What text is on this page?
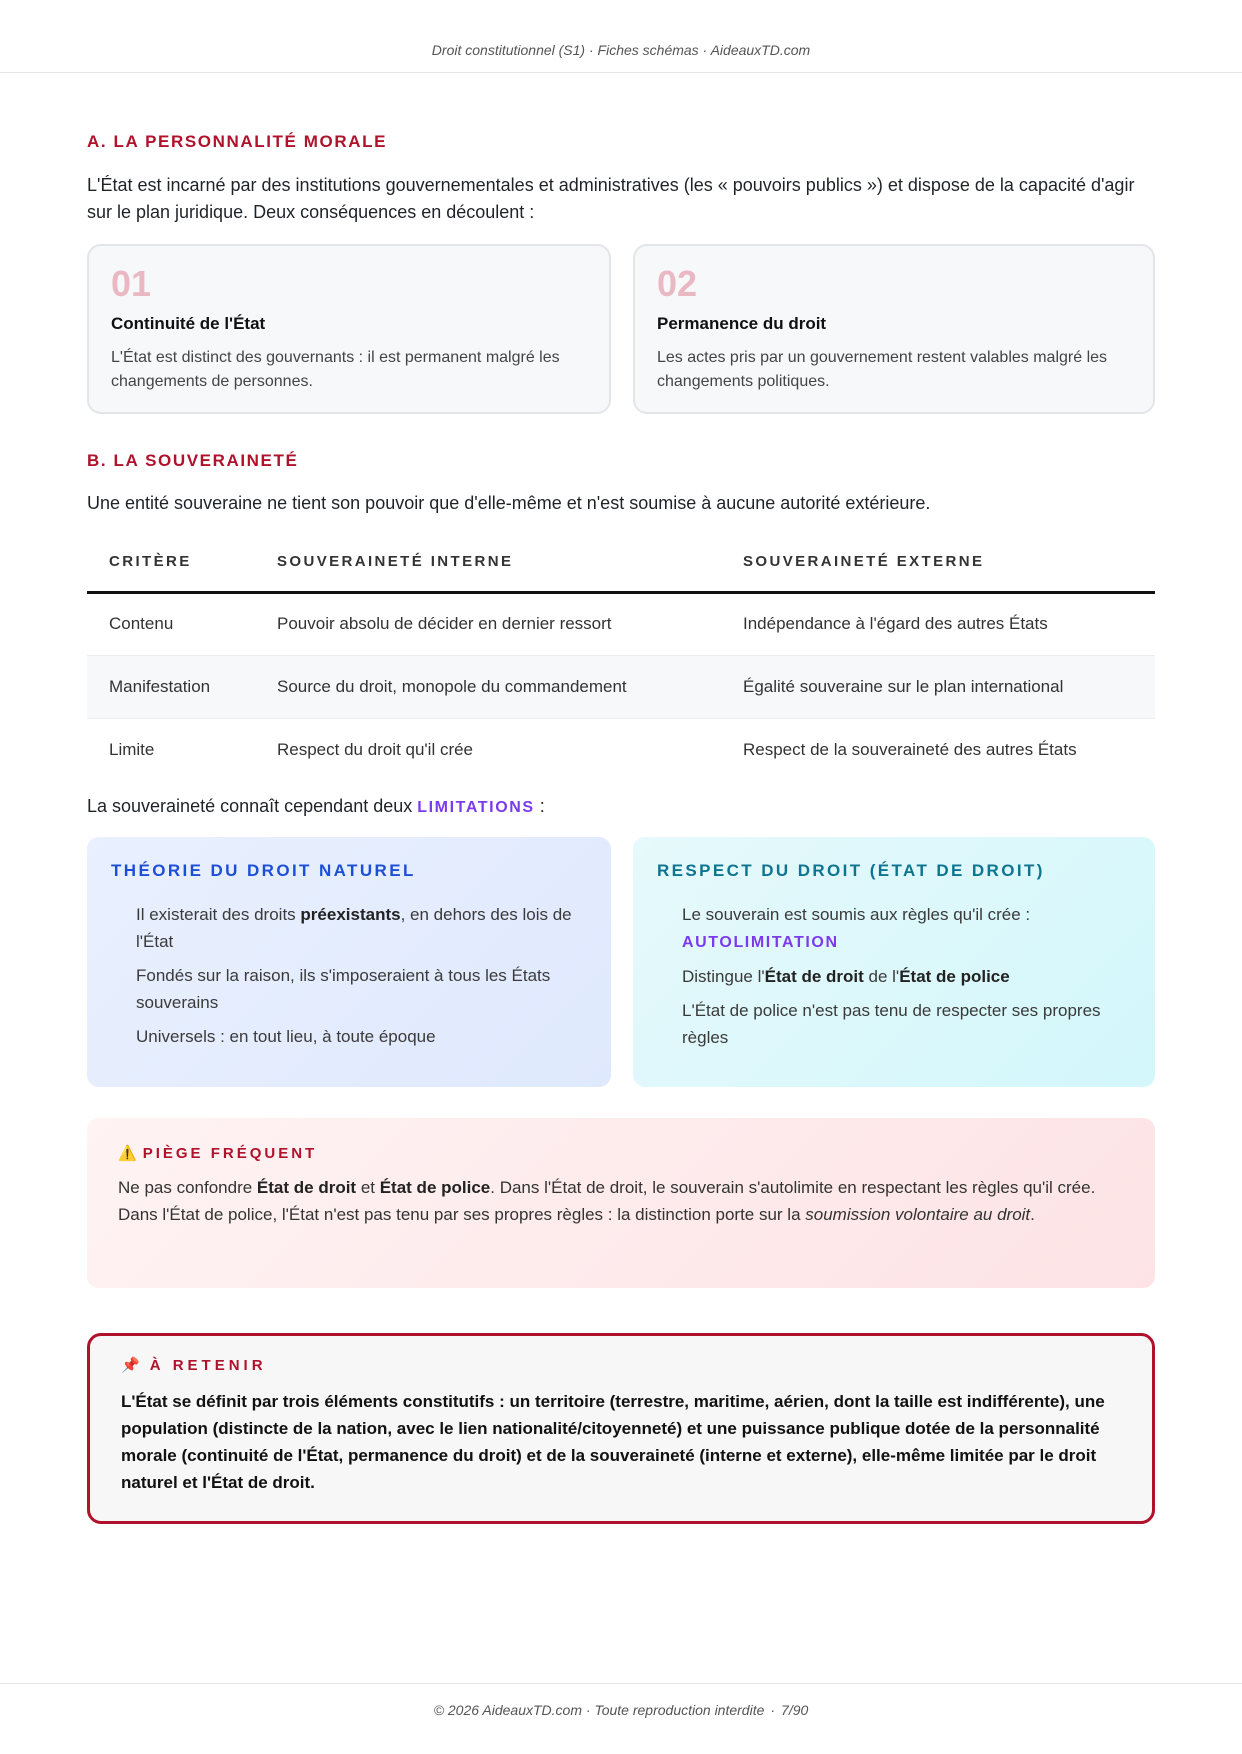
Droit constitutionnel (S1) · Fiches schémas · AideauxTD.com
A. LA PERSONNALITÉ MORALE

L'État est incarné par des institutions gouvernementales et administratives (les « pouvoirs publics ») et dispose de la capacité d'agir sur le plan juridique. Deux conséquences en découlent :

01
Continuité de l'État
L'État est distinct des gouvernants : il est permanent malgré les changements de personnes.
02
Permanence du droit
Les actes pris par un gouvernement restent valables malgré les changements politiques.
B. LA SOUVERAINETÉ

Une entité souveraine ne tient son pouvoir que d'elle-même et n'est soumise à aucune autorité extérieure.

CRITÈRE	SOUVERAINETÉ INTERNE	SOUVERAINETÉ EXTERNE
Contenu	Pouvoir absolu de décider en dernier ressort	Indépendance à l'égard des autres États
Manifestation	Source du droit, monopole du commandement	Égalité souveraine sur le plan international
Limite	Respect du droit qu'il crée	Respect de la souveraineté des autres États

La souveraineté connaît cependant deux LIMITATIONS :

THÉORIE DU DROIT NATUREL
Il existerait des droits préexistants, en dehors des lois de l'État
Fondés sur la raison, ils s'imposeraient à tous les États souverains
Universels : en tout lieu, à toute époque
RESPECT DU DROIT (ÉTAT DE DROIT)
Le souverain est soumis aux règles qu'il crée :
AUTOLIMITATION
Distingue l'État de droit de l'État de police
L'État de police n'est pas tenu de respecter ses propres règles
⚠️ PIÈGE FRÉQUENT

Ne pas confondre État de droit et État de police. Dans l'État de droit, le souverain s'autolimite en respectant les règles qu'il crée. Dans l'État de police, l'État n'est pas tenu par ses propres règles : la distinction porte sur la soumission volontaire au droit.

📌 À RETENIR

L'État se définit par trois éléments constitutifs : un territoire (terrestre, maritime, aérien, dont la taille est indifférente), une population (distincte de la nation, avec le lien nationalité/citoyenneté) et une puissance publique dotée de la personnalité morale (continuité de l'État, permanence du droit) et de la souveraineté (interne et externe), elle-même limitée par le droit naturel et l'État de droit.

© 2026 AideauxTD.com · Toute reproduction interdite · 7/90
